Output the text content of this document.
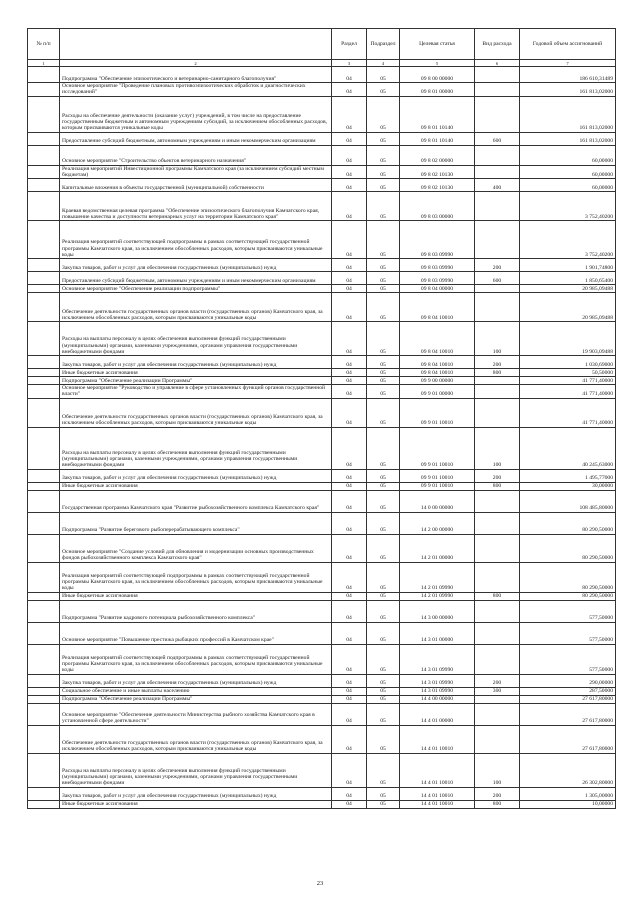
№ п/п		Раздел	Подраздел	Целевая статья	Вид расхода	Годовой объем ассигнований
1	2	3	4	5	6	7
	Подпрограмма "Обеспечение эпизоотического и ветеринарно-санитарного благополучия"	04	05	09 8 00 00000		186 610,31489
	Основное мероприятие "Проведение плановых противоэпизоотических обработок и диагностических исследований"	04	05	09 8 01 00000		161 813,02000
	Расходы на обеспечение деятельности (оказание услуг) учреждений, в том числе на предоставление государственным бюджетным и автономным учреждениям субсидий, за исключением обособленных расходов, которым присваиваются уникальные коды	04	05	09 8 01 10140		161 813,02000
	Предоставление субсидий бюджетным, автономным учреждениям и иным некоммерческим организациям	04	05	09 8 01 10140	600	161 813,02000
	Основное мероприятие "Строительство объектов ветеринарного назначения"	04	05	09 8 02 00000		60,00000
	Реализация мероприятий Инвестиционной программы Камчатского края (за исключением субсидий местным бюджетам)	04	05	09 8 02 10130		60,00000
	Капитальные вложения в объекты государственной (муниципальной) собственности	04	05	09 8 02 10130	400	60,00000
	Краевая ведомственная целевая программа "Обеспечение эпизоотического благополучия Камчатского края, повышение качества и доступности ветеринарных услуг на территории Камчатского края"	04	05	09 8 03 00000		3 752,40200
	Реализация мероприятий соответствующей подпрограммы в рамках соответствующей государственной программы Камчатского края, за исключением обособленных расходов, которым присваиваются уникальные коды	04	05	09 8 03 09990		3 752,40200
	Закупка товаров, работ и услуг для обеспечения государственных (муниципальных) нужд	04	05	09 8 03 09990	200	1 901,74800
	Предоставление субсидий бюджетным, автономным учреждениям и иным некоммерческим организациям	04	05	09 8 03 09990	600	1 850,65400
	Основное мероприятие "Обеспечение реализации подпрограммы"	04	05	09 8 04 00000		20 985,09488
	Обеспечение деятельности государственных органов власти (государственных органов) Камчатского края, за исключением обособленных расходов, которым присваиваются уникальные коды	04	05	09 8 04 10010		20 985,09488
	Расходы на выплаты персоналу в целях обеспечения выполнения функций государственными (муниципальными) органами, казенными учреждениями, органами управления государственными внебюджетными фондами	04	05	09 8 04 10010	100	19 903,09488
	Закупка товаров, работ и услуг для обеспечения государственных (муниципальных) нужд	04	05	09 8 04 10010	200	1 030,69000
	Иные бюджетные ассигнования	04	05	09 8 04 10010	800	50,50000
	Подпрограмма "Обеспечение реализации Программы"	04	05	09 9 00 00000		41 771,40000
	Основное мероприятие "Руководство и управление в сфере установленных функций органов государственной власти"	04	05	09 9 01 00000		41 771,40000
	Обеспечение деятельности государственных органов власти (государственных органов) Камчатского края, за исключением обособленных расходов, которым присваиваются уникальные коды	04	05	09 9 01 10010		41 771,40000
	Расходы на выплаты персоналу в целях обеспечения выполнения функций государственными (муниципальными) органами, казенными учреждениями, органами управления государственными внебюджетными фондами	04	05	09 9 01 10010	100	40 245,63000
	Закупка товаров, работ и услуг для обеспечения государственных (муниципальных) нужд	04	05	09 9 01 10010	200	1 495,77000
	Иные бюджетные ассигнования	04	05	09 9 01 10010	800	30,00000
	Государственная программа Камчатского края "Развитие рыбохозяйственного комплекса Камчатского края"	04	05	14 0 00 00000		108 485,80000
	Подпрограмма "Развитие берегового рыбоперерабатывающего комплекса"	04	05	14 2 00 00000		80 290,50000
	Основное мероприятие "Создание условий для обновления и модернизации основных производственных фондов рыбохозяйственного комплекса Камчатского края"	04	05	14 2 01 00000		80 290,50000
	Реализация мероприятий соответствующей подпрограммы в рамках соответствующей государственной программы Камчатского края, за исключением обособленных расходов, которым присваиваются уникальные коды	04	05	14 2 01 09990		80 290,50000
	Иные бюджетные ассигнования	04	05	14 2 01 09990	800	80 290,50000
	Подпрограмма "Развитие кадрового потенциала рыбохозяйственного комплекса"	04	05	14 3 00 00000		577,50000
	Основное мероприятие "Повышение престижа рыбацких профессий в Камчатском крае"	04	05	14 3 01 00000		577,50000
	Реализация мероприятий соответствующей подпрограммы в рамках соответствующей государственной программы Камчатского края, за исключением обособленных расходов, которым присваиваются уникальные коды	04	05	14 3 01 09990		577,50000
	Закупка товаров, работ и услуг для обеспечения государственных (муниципальных) нужд	04	05	14 3 01 09990	200	290,00000
	Социальное обеспечение и иные выплаты населению	04	05	14 3 01 09990	300	287,50000
	Подпрограмма "Обеспечение реализации Программы"	04	05	14 4 00 00000		27 617,80000
	Основное мероприятие "Обеспечение деятельности Министерства рыбного хозяйства Камчатского края в установленной сфере деятельности"	04	05	14 4 01 00000		27 617,80000
	Обеспечение деятельности государственных органов власти (государственных органов) Камчатского края, за исключением обособленных расходов, которым присваиваются уникальные коды	04	05	14 4 01 10010		27 617,80000
	Расходы на выплаты персоналу в целях обеспечения выполнения функций государственными (муниципальными) органами, казенными учреждениями, органами управления государственными внебюджетными фондами	04	05	14 4 01 10010	100	26 302,80000
	Закупка товаров, работ и услуг для обеспечения государственных (муниципальных) нужд	04	05	14 4 01 10010	200	1 305,00000
	Иные бюджетные ассигнования	04	05	14 4 01 10010	800	10,00000
23
